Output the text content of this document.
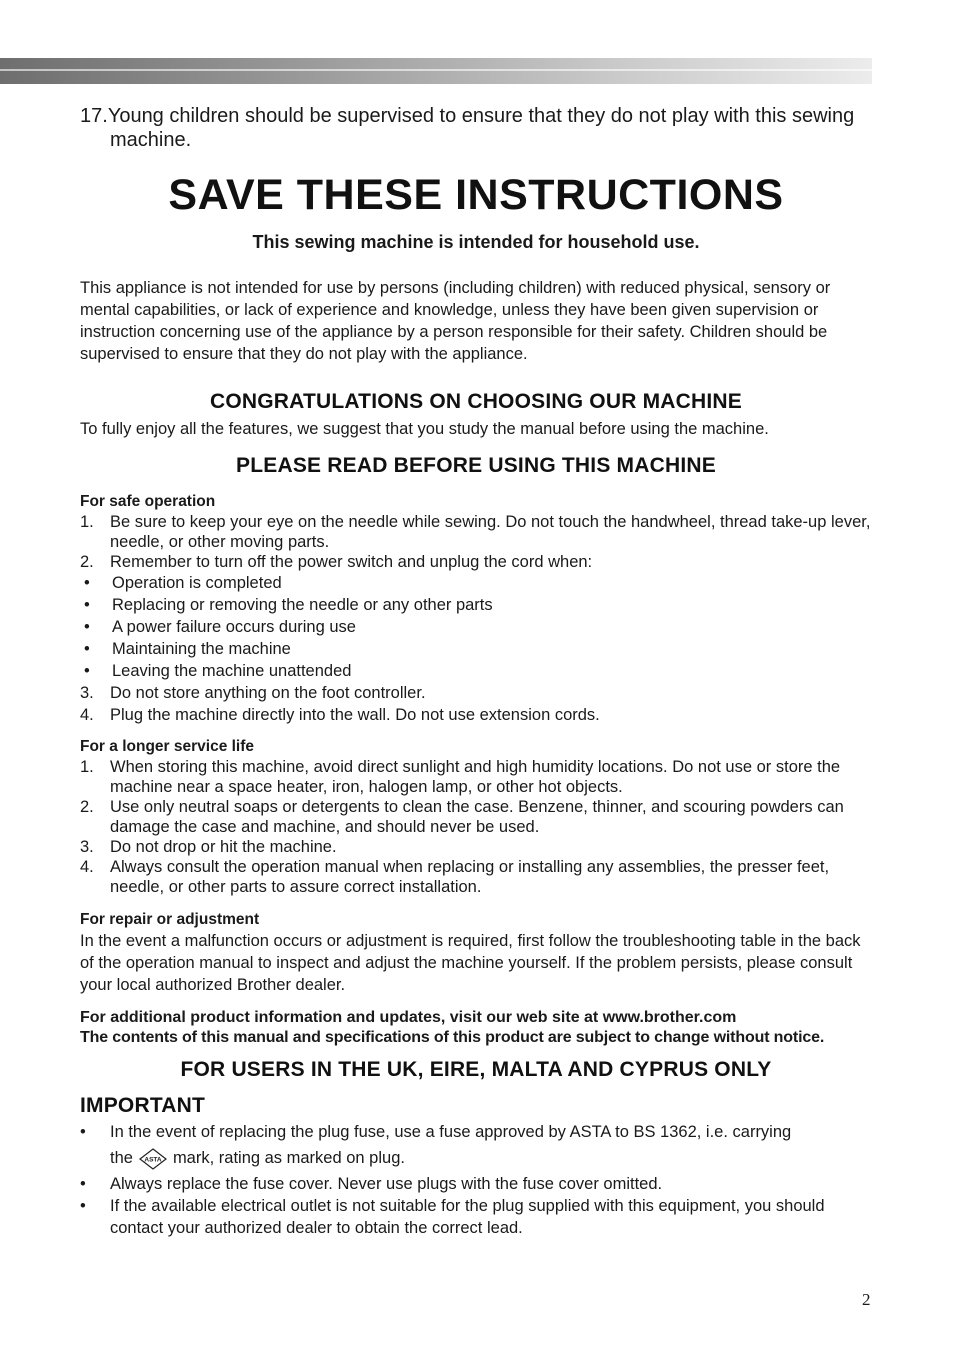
17.Young children should be supervised to ensure that they do not play with this sewing machine.

SAVE THESE INSTRUCTIONS

This sewing machine is intended for household use.

This appliance is not intended for use by persons (including children) with reduced physical, sensory or mental capabilities, or lack of experience and knowledge, unless they have been given supervision or instruction concerning use of the appliance by a person responsible for their safety. Children should be supervised to ensure that they do not play with the appliance.

CONGRATULATIONS ON CHOOSING OUR MACHINE

To fully enjoy all the features, we suggest that you study the manual before using the machine.

PLEASE READ BEFORE USING THIS MACHINE
For safe operation
1. Be sure to keep your eye on the needle while sewing. Do not touch the handwheel, thread take-up lever, needle, or other moving parts.
2. Remember to turn off the power switch and unplug the cord when:
• Operation is completed
• Replacing or removing the needle or any other parts
• A power failure occurs during use
• Maintaining the machine
• Leaving the machine unattended
3. Do not store anything on the foot controller.
4. Plug the machine directly into the wall. Do not use extension cords.
For a longer service life
1. When storing this machine, avoid direct sunlight and high humidity locations. Do not use or store the machine near a space heater, iron, halogen lamp, or other hot objects.
2. Use only neutral soaps or detergents to clean the case. Benzene, thinner, and scouring powders can damage the case and machine, and should never be used.
3. Do not drop or hit the machine.
4. Always consult the operation manual when replacing or installing any assemblies, the presser feet, needle, or other parts to assure correct installation.
For repair or adjustment

In the event a malfunction occurs or adjustment is required, first follow the troubleshooting table in the back of the operation manual to inspect and adjust the machine yourself. If the problem persists, please consult your local authorized Brother dealer.

For additional product information and updates, visit our web site at www.brother.com

The contents of this manual and specifications of this product are subject to change without notice.

FOR USERS IN THE UK, EIRE, MALTA AND CYPRUS ONLY
IMPORTANT
• In the event of replacing the plug fuse, use a fuse approved by ASTA to BS 1362, i.e. carrying
the ASTA mark, rating as marked on plug.
• Always replace the fuse cover. Never use plugs with the fuse cover omitted.
• If the available electrical outlet is not suitable for the plug supplied with this equipment, you should contact your authorized dealer to obtain the correct lead.
2
